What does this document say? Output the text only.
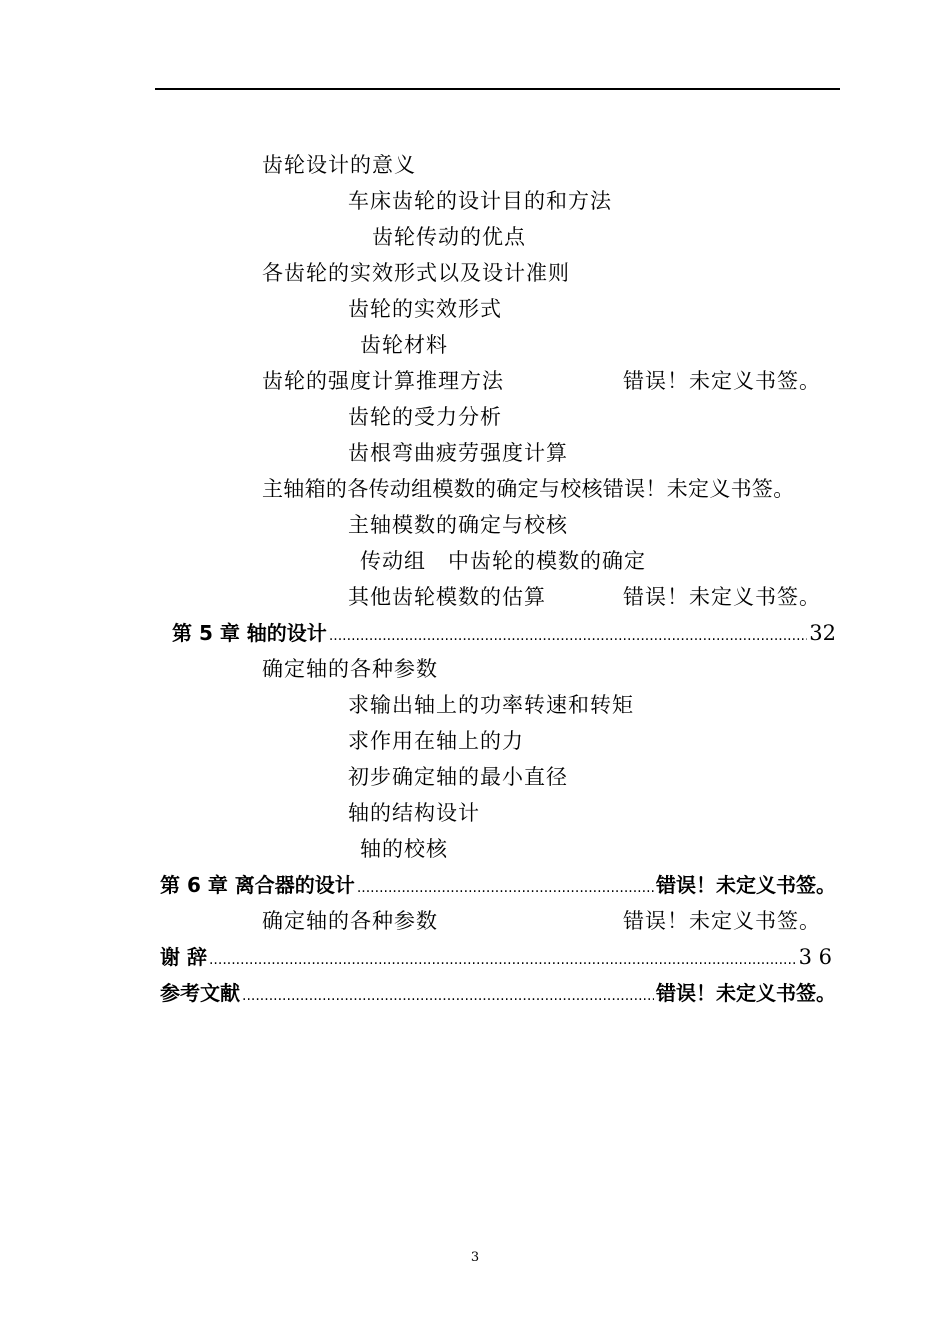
齿轮设计的意义
车床齿轮的设计目的和方法
齿轮传动的优点
各齿轮的实效形式以及设计准则
齿轮的实效形式
齿轮材料
齿轮的强度计算推理方法	错误！未定义书签。
齿轮的受力分析
齿根弯曲疲劳强度计算
主轴箱的各传动组模数的确定与校核错误！未定义书签。
主轴模数的确定与校核
传动组　中齿轮的模数的确定
其他齿轮模数的估算	错误！未定义书签。
第 5 章 轴的设计 .....	32
确定轴的各种参数
求输出轴上的功率转速和转矩
求作用在轴上的力
初步确定轴的最小直径
轴的结构设计
轴的校核
第 6 章 离合器的设计 .....	错误！未定义书签。
确定轴的各种参数	错误！未定义书签。
谢 辞 .....	3 6
参考文献 .....	错误！未定义书签。
3
